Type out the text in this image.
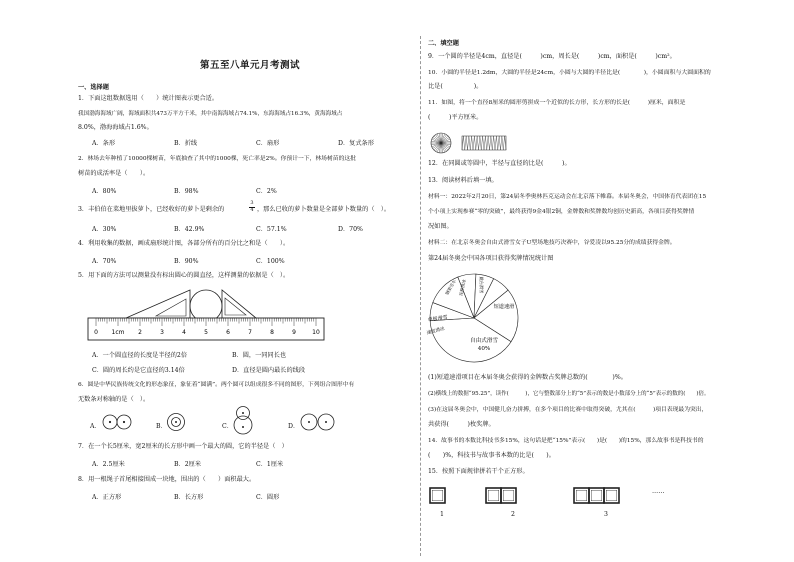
第五至八单元月考测试
一、选择题
1．下面这组数据选用（　　）统计图表示更合适。
我国渤海海域广阔，海域面积共473万平方千米，其中南海海域占74.1%，东海海域占16.3%，黄海海域占
8.0%，渤海海域占1.6%。
A．条形	B．折线	C．扇形	D．复式条形
2．林场去年种植了10000棵树苗，年底抽查了其中的1000棵，死亡率是2%。你预计一下，林场树苗的这批
树苗的成活率是（　　）。
A．80%	B．98%	C．2%
3．丰伯伯在菜地里拔萝卜，已经收好的萝卜是剩余的
3
4 ，那么已收的萝卜数量是全部萝卜数量的（　）。
A．30%	B．42.9%	C．57.1%	D．70%
4．利用收集的数据，画成扇形统计图，各部分所有的百分比之和是（　　）。
A．70%	B．90%	C．100%
5．用下面的方法可以测量没有标出圆心的圆直径，这样测量的依据是（　）。
0 1cm 2	3	4	5	6	7	8	9	10
A．一个圆直径的长度是半径的2倍	B．圆，一同同长也
C．圆的周长约是它直径的3.14倍	D．直径是圆内最长的线段
6．圆是中华民族传统文化的形态象征，象征着“圆满”。两个圆可以组成很多不同的图形，下列组合图形中有
无数条对称轴的是（　）。
A．	B．	C．	D．
7．在一个长5厘米，宽2厘米的长方形中画一个最大的圆，它的半径是（　）
A．2.5厘米	B．2厘米	C．1厘米
8．用一根绳子首尾相接围成一块地，围出的（　　）面积最大。
A．正方形	B．长方形	C．圆形
二、填空题
9．一个圆的半径是4cm，直径是(　　　)cm，周长是(　　　)cm，面积是(　　　)cm²。
10．小圆的半径是1.2dm，大圆的半径是24cm，小圆与大圆的半径比是(　　　　)，小圆面积与大圆面积的
比是(　　　　　)。
11．如图，将一个直径8厘米的圆形剪拼成一个近似的长方形，长方形的长是(　　　)厘米，面积是
(　　　)平方厘米。
12．在同圆或等圆中，半径与直径的比是(　　　)。
13．阅读材料后填一填。
材料一：2022年2月20日，第24届冬季奥林匹克运动会在北京落下帷幕。本届冬奥会，中国体育代表团在15
个小项上实现参赛“零的突破”，最终获得9金4银2铜，金牌数和奖牌数均创历史新高，各项目获得奖牌情
况如图。
材料二：在北京冬奥会自由式滑雪女子U型场地技巧决赛中，谷爱凌以95.25分的成绩获得金牌。
第24届冬奥会中国各项目获得奖牌情况统计图
自由式滑雪
短道速滑
单板滑雪
速度滑冰
钢架雪车 花样滑冰	跳台滑雪
40%
(1)短道速滑项目在本届冬奥会获得的金牌数占奖牌总数的(　　　　)%。
(2)横线上的数据“95.25”，读作(　　　)，它与整数部分上的“5”表示的数是小数部分上的“5”表示的数的(　　)倍。
(3)在这届冬奥会中，中国健儿奋力拼搏，在多个项目的比赛中取得突破，尤其在(　　　)项目表现最为突出，
共获得(　　　)枚奖牌。
14．故事书的本数比科技书多15%，这句话是把“15%”表示(　　)是(　　)的15%，那么故事书是科技书的
(　　)%，科技书与故事书本数的比是(　　)。
15．按照下面规律拼若干个正方形。
1	2	3
……
